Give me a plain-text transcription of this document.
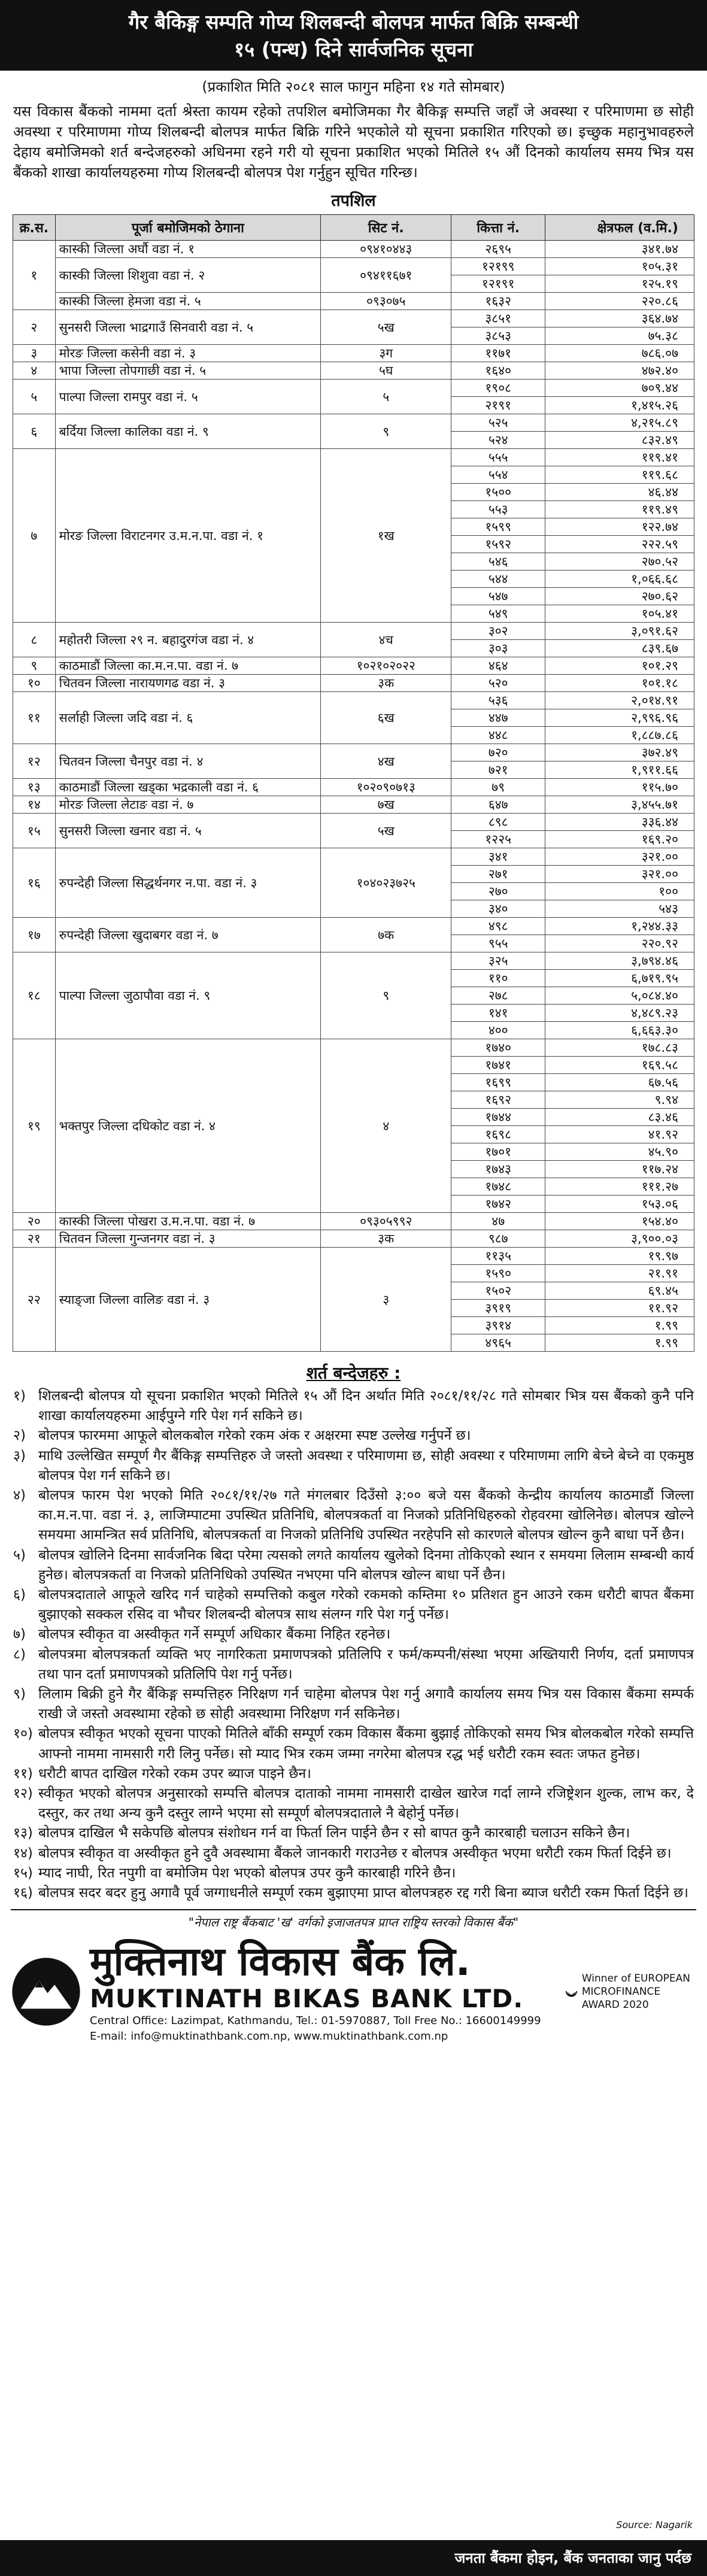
गैर बैकिङ्ग सम्पति गोप्य शिलबन्दी बोलपत्र मार्फत बिक्रि सम्बन्धी
१५ (पन्ध) दिने सार्वजनिक सूचना
(प्रकाशित मिति २०८१ साल फागुन महिना १४ गते सोमबार)

यस विकास बैंकको नाममा दर्ता श्रेस्ता कायम रहेको तपशिल बमोजिमका गैर बैकिङ्ग सम्पत्ति जहाँ जे अवस्था र परिमाणमा छ सोही अवस्था र परिमाणमा गोप्य शिलबन्दी बोलपत्र मार्फत बिक्रि गरिने भएकोले यो सूचना प्रकाशित गरिएको छ। इच्छुक महानुभावहरुले देहाय बमोजिमको शर्त बन्देजहरुको अधिनमा रहने गरी यो सूचना प्रकाशित भएको मितिले १५ औं दिनको कार्यालय समय भित्र यस बैंकको शाखा कार्यालयहरुमा गोप्य शिलबन्दी बोलपत्र पेश गर्नुहुन सूचित गरिन्छ।

तपशिल
क्र.स.	पूर्जा बमोजिमको ठेगाना	सिट नं.	कित्ता नं.	क्षेत्रफल (व.मि.)
१	कास्की जिल्ला अर्घौ वडा नं. १	०९४१०४४३	२६९५	३४१.७४
	कास्की जिल्ला शिशुवा वडा नं. २	०९४११६७१	१२१९९	१०५.३१
			१२१९१	१२५.१९
	कास्की जिल्ला हेमजा वडा नं. ५	०९३०७५	१६३२	२२०.८६
२	सुनसरी जिल्ला भाद्रगाउँ सिनवारी वडा नं. ५	५ख	३८५१	३६४.७४
			३८५३	७५.३८
३	मोरङ जिल्ला कसेनी वडा नं. ३	३ग	११७१	७८६.०७
४	भापा जिल्ला तोपगाछी वडा नं. ५	५घ	१६४०	४७२.४०
५	पाल्पा जिल्ला रामपुर वडा नं. ५	५	१९०८	७०९.४४
			२१९१	१,४१५.२६
६	बर्दिया जिल्ला कालिका वडा नं. ९	९	५२५	४,२१५.८९
			५२४	८३२.४९
७	मोरङ जिल्ला विराटनगर उ.म.न.पा. वडा नं. १	१ख	५५५	११९.४१
			५५४	११९.६८
			१५००	४६.४४
			५५३	११९.४९
			१५९९	१२२.७४
			१५९२	२२२.५९
			५४६	२७०.५२
			५४४	१,०६६.६८
			५४७	२७०.६२
			५४९	१०५.४१
८	महोतरी जिल्ला २९ न. बहादुरगंज वडा नं. ४	४च	३०२	३,०९१.६२
			३०३	८३९.६७
९	काठमाडौं जिल्ला का.म.न.पा. वडा नं. ७	१०२१०२०२२	४६४	१०१.२९
१०	चितवन जिल्ला नारायणगढ वडा नं. ३	३क	५२०	१०१.१८
११	सर्लाही जिल्ला जदि वडा नं. ६	६ख	५३६	२,०१४.९१
			४४७	२,९९६.९६
			४४८	१,८८७.८६
१२	चितवन जिल्ला चैनपुर वडा नं. ४	४ख	७२०	३७२.४९
			७२१	१,९११.६६
१३	काठमाडौं जिल्ला खड्का भद्रकाली वडा नं. ६	१०२०९०७१३	७९	११५.७०
१४	मोरङ जिल्ला लेटाङ वडा नं. ७	७ख	६४७	३,४५५.७१
१५	सुनसरी जिल्ला खनार वडा नं. ५	५ख	८९८	३३६.४४
			१२२५	१६९.२०
१६	रुपन्देही जिल्ला सिद्धर्थनगर न.पा. वडा नं. ३	१०४०२३७२५	३४१	३२१.००
			२७१	३२१.००
			२७०	१००
			३४०	५४३
१७	रुपन्देही जिल्ला खुदाबगर वडा नं. ७	७क	४९८	१,२४४.३३
			९५५	२२०.९२
१८	पाल्पा जिल्ला जुठापौवा वडा नं. ९	९	३२५	३,७९४.४६
			११०	६,७१९.९५
			२७८	५,०८४.४०
			१४१	४,४८९.२३
			४००	६,६६३.३०
१९	भक्तपुर जिल्ला दधिकोट वडा नं. ४	४	१७४०	१७८.८३
			१७४१	१६९.५८
			१६९९	६७.५६
			१६९२	९.९४
			१७४४	८३.४६
			१६९८	४१.९२
			१७०१	४५.९०
			१७४३	११७.२४
			१७४८	१११.२७
			१७४२	१५३.०६
२०	कास्की जिल्ला पोखरा उ.म.न.पा. वडा नं. ७	०९३०५९९२	४७	१५४.४०
२१	चितवन जिल्ला गुन्जनगर वडा नं. ३	३क	९८७	३,९००.०३
२२	स्याङ्जा जिल्ला वालिङ वडा नं. ३	३	११३५	१९.९७
			१५९०	२१.९१
			१५०२	६९.४५
			३९१९	११.९२
			३९१४	१.९९
			४९६५	१.९९
शर्त बन्देजहरु :
१) शिलबन्दी बोलपत्र यो सूचना प्रकाशित भएको मितिले १५ औं दिन अर्थात मिति २०८१/११/२८ गते सोमबार भित्र यस बैंकको कुनै पनि शाखा कार्यालयहरुमा आईपुग्ने गरि पेश गर्न सकिने छ।
२) बोलपत्र फारममा आफूले बोलकबोल गरेको रकम अंक र अक्षरमा स्पष्ट उल्लेख गर्नुपर्ने छ।
३) माथि उल्लेखित सम्पूर्ण गैर बैंकिङ्ग सम्पत्तिहरु जे जस्तो अवस्था र परिमाणमा छ, सोही अवस्था र परिमाणमा लागि बेच्ने बेच्ने वा एकमुष्ठ बोलपत्र पेश गर्न सकिने छ।
४) बोलपत्र फारम पेश भएको मिति २०८१/११/२७ गते मंगलबार दिउँसो ३:०० बजे यस बैंकको केन्द्रीय कार्यालय काठमाडौं जिल्ला का.म.न.पा. वडा नं. ३, लाजिम्पाटमा उपस्थित प्रतिनिधि, बोलपत्रकर्ता वा निजको प्रतिनिधिहरुको रोहवरमा खोलिनेछ। बोलपत्र खोल्ने समयमा आमन्त्रित सर्व प्रतिनिधि, बोलपत्रकर्ता वा निजको प्रतिनिधि उपस्थित नरहेपनि सो कारणले बोलपत्र खोल्न कुनै बाधा पर्ने छैन।
५) बोलपत्र खोलिने दिनमा सार्वजनिक बिदा परेमा त्यसको लगते कार्यालय खुलेको दिनमा तोकिएको स्थान र समयमा लिलाम सम्बन्धी कार्य हुनेछ। बोलपत्रकर्ता वा निजको प्रतिनिधिको उपस्थित नभएमा पनि बोलपत्र खोल्न बाधा पर्ने छैन।
६) बोलपत्रदाताले आफूले खरिद गर्न चाहेको सम्पत्तिको कबुल गरेको रकमको कम्तिमा १० प्रतिशत हुन आउने रकम धरौटी बापत बैंकमा बुझाएको सक्कल रसिद वा भौचर शिलबन्दी बोलपत्र साथ संलग्न गरि पेश गर्नु पर्नेछ।
७) बोलपत्र स्वीकृत वा अस्वीकृत गर्ने सम्पूर्ण अधिकार बैंकमा निहित रहनेछ।
८) बोलपत्रमा बोलपत्रकर्ता व्यक्ति भए नागरिकता प्रमाणपत्रको प्रतिलिपि र फर्म/कम्पनी/संस्था भएमा अख्तियारी निर्णय, दर्ता प्रमाणपत्र तथा पान दर्ता प्रमाणपत्रको प्रतिलिपि पेश गर्नु पर्नेछ।
९) लिलाम बिक्री हुने गैर बैंकिङ्ग सम्पत्तिहरु निरिक्षण गर्न चाहेमा बोलपत्र पेश गर्नु अगावै कार्यालय समय भित्र यस विकास बैंकमा सम्पर्क राखी जे जस्तो अवस्थामा रहेको छ सोही अवस्थामा निरिक्षण गर्न सकिनेछ।
१०) बोलपत्र स्वीकृत भएको सूचना पाएको मितिले बाँकी सम्पूर्ण रकम विकास बैंकमा बुझाई तोकिएको समय भित्र बोलकबोल गरेको सम्पत्ति आफ्नो नाममा नामसारी गरी लिनु पर्नेछ। सो म्याद भित्र रकम जम्मा नगरेमा बोलपत्र रद्ध भई धरौटी रकम स्वतः जफत हुनेछ।
११) धरौटी बापत दाखिल गरेको रकम उपर ब्याज पाइने छैन।
१२) स्वीकृत भएको बोलपत्र अनुसारको सम्पत्ति बोलपत्र दाताको नाममा नामसारी दाखेल खारेज गर्दा लाग्ने रजिष्ट्रेशन शुल्क, लाभ कर, दे दस्तुर, कर तथा अन्य कुनै दस्तुर लाग्ने भएमा सो सम्पूर्ण बोलपत्रदाताले नै बेहोर्नु पर्नेछ।
१३) बोलपत्र दाखिल भै सकेपछि बोलपत्र संशोधन गर्न वा फिर्ता लिन पाईने छैन र सो बापत कुनै कारबाही चलाउन सकिने छैन।
१४) बोलपत्र स्वीकृत वा अस्वीकृत हुने दुवै अवस्थामा बैंकले जानकारी गराउनेछ र बोलपत्र अस्वीकृत भएमा धरौटी रकम फिर्ता दिईने छ।
१५) म्याद नाघी, रित नपुगी वा बमोजिम पेश भएको बोलपत्र उपर कुनै कारबाही गरिने छैन।
१६) बोलपत्र सदर बदर हुनु अगावै पूर्व जग्गाधनीले सम्पूर्ण रकम बुझाएमा प्राप्त बोलपत्रहरु रद्द गरी बिना ब्याज धरौटी रकम फिर्ता दिईने छ।
"नेपाल राष्ट्र बैंकबाट 'ख' वर्गको इजाजतपत्र प्राप्त राष्ट्रिय स्तरको विकास बैंक"
मुक्तिनाथ विकास बैंक लि.
MUKTINATH BIKAS BANK LTD.
Central Office: Lazimpat, Kathmandu, Tel.: 01-5970887, Toll Free No.: 16600149999
E-mail: info@muktinathbank.com.np, www.muktinathbank.com.np
Winner of EUROPEAN MICROFINANCE AWARD 2020
Source: Nagarik
जनता बैंकमा होइन, बैंक जनताका जानु पर्दछ
